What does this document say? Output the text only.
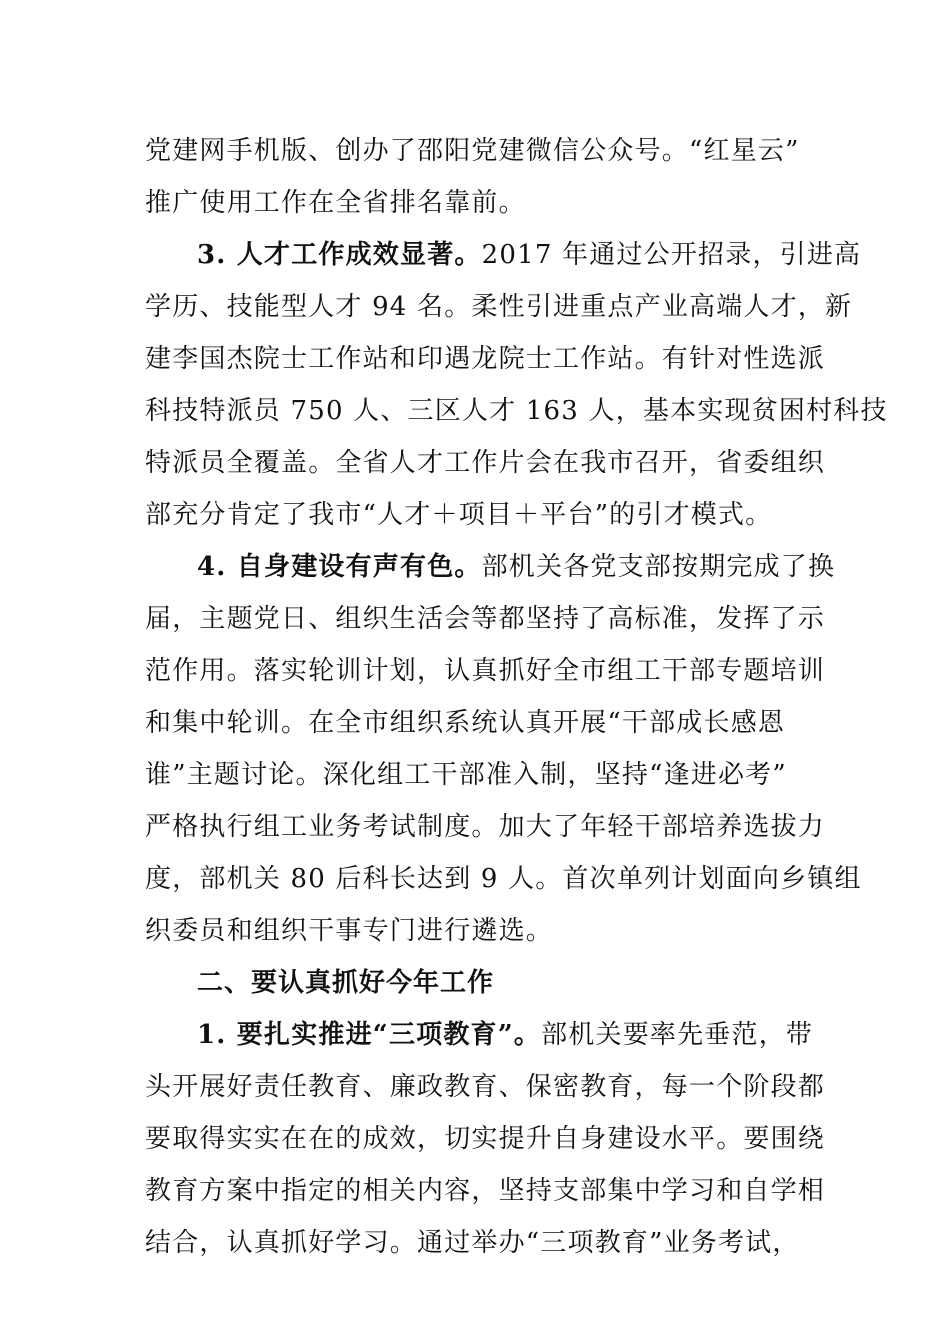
党建网手机版、创办了邵阳党建微信公众号。“红星云”
推广使用工作在全省排名靠前。
3. 人才工作成效显著。2017 年通过公开招录，引进高
学历、技能型人才 94 名。柔性引进重点产业高端人才，新
建李国杰院士工作站和印遇龙院士工作站。有针对性选派
科技特派员 750 人、三区人才 163 人，基本实现贫困村科技
特派员全覆盖。全省人才工作片会在我市召开，省委组织
部充分肯定了我市“人才＋项目＋平台”的引才模式。
4. 自身建设有声有色。部机关各党支部按期完成了换
届，主题党日、组织生活会等都坚持了高标准，发挥了示
范作用。落实轮训计划，认真抓好全市组工干部专题培训
和集中轮训。在全市组织系统认真开展“干部成长感恩
谁”主题讨论。深化组工干部准入制，坚持“逢进必考”
严格执行组工业务考试制度。加大了年轻干部培养选拔力
度，部机关 80 后科长达到 9 人。首次单列计划面向乡镇组
织委员和组织干事专门进行遴选。
二、要认真抓好今年工作
1. 要扎实推进“三项教育”。部机关要率先垂范，带
头开展好责任教育、廉政教育、保密教育，每一个阶段都
要取得实实在在的成效，切实提升自身建设水平。要围绕
教育方案中指定的相关内容，坚持支部集中学习和自学相
结合，认真抓好学习。通过举办“三项教育”业务考试，
